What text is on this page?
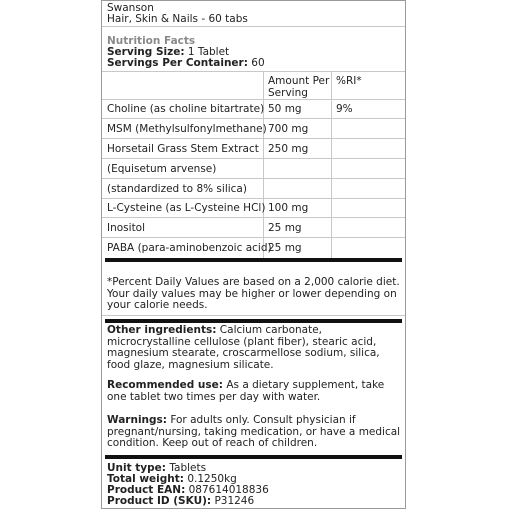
Swanson
Hair, Skin & Nails - 60 tabs
Nutrition Facts
Serving Size: 1 Tablet
Servings Per Container: 60
Amount Per Serving
%RI*
Choline (as choline bitartrate) 50 mg	9%
MSM (Methylsulfonylmethane) 700 mg
Horsetail Grass Stem Extract 250 mg
(Equisetum arvense)
(standardized to 8% silica)
L-Cysteine (as L-Cysteine HCl) 100 mg
Inositol	25 mg
PABA (para-aminobenzoic acid)
25 mg
*Percent Daily Values are based on a 2,000 calorie diet. Your daily values may be higher or lower depending on your calorie needs.
Other ingredients: Calcium carbonate, microcrystalline cellulose (plant fiber), stearic acid, magnesium stearate, croscarmellose sodium, silica, food glaze, magnesium silicate.
Recommended use: As a dietary supplement, take one tablet two times per day with water.
Warnings: For adults only. Consult physician if pregnant/nursing, taking medication, or have a medical condition. Keep out of reach of children.
Unit type: Tablets
Total weight: 0.1250kg
Product EAN: 087614018836
Product ID (SKU): P31246
